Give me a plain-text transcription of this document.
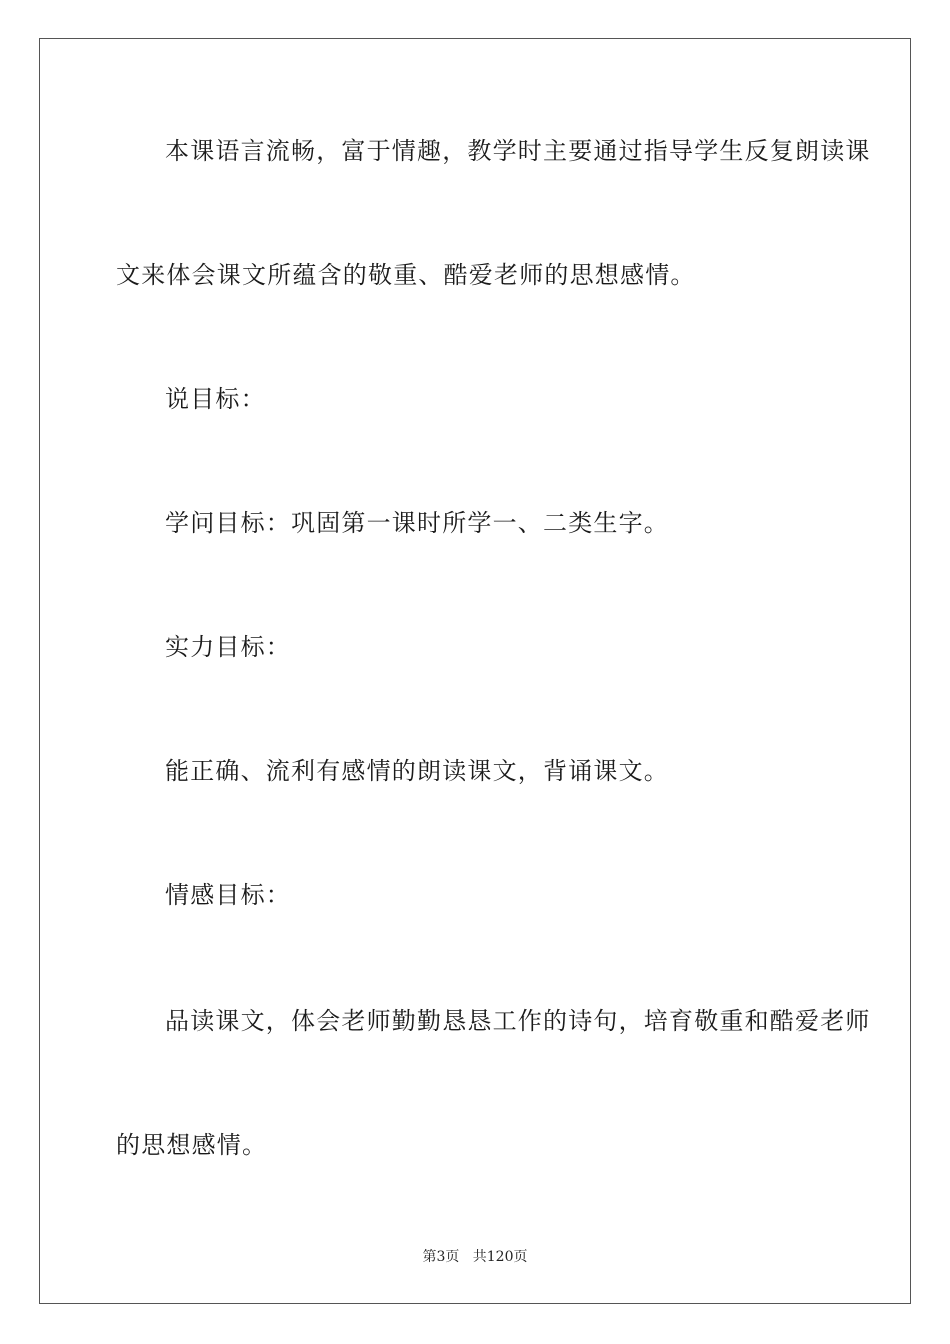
本课语言流畅，富于情趣，教学时主要通过指导学生反复朗读课
文来体会课文所蕴含的敬重、酷爱老师的思想感情。
说目标：
学问目标：巩固第一课时所学一、二类生字。
实力目标：
能正确、流利有感情的朗读课文，背诵课文。
情感目标：
品读课文，体会老师勤勤恳恳工作的诗句，培育敬重和酷爱老师
的思想感情。
第3页 共120页
